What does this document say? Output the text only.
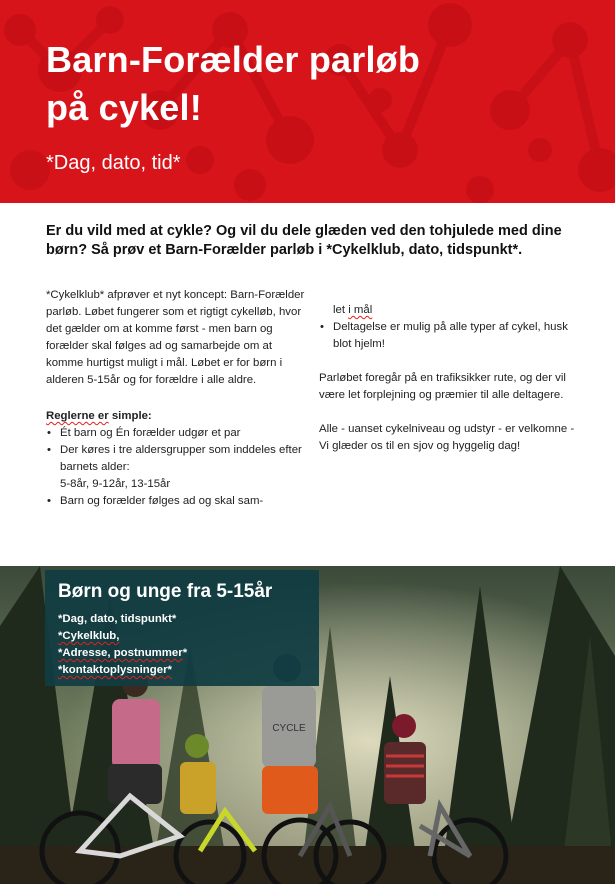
Barn-Forælder parløb
på cykel!

*Dag, dato, tid*

Er du vild med at cykle? Og vil du dele glæden ved den tohjulede med dine børn? Så prøv et Barn-Forælder parløb i *Cykelklub, dato, tidspunkt*.

*Cykelklub* afprøver et nyt koncept: Barn-Forælder parløb. Løbet fungerer som et rigtigt cykelløb, hvor det gælder om at komme først - men barn og forælder skal følges ad og samarbejde om at komme hurtigst muligt i mål. Løbet er for børn i alderen 5-15år og for forældre i alle aldre.

Reglerne er simple:

• Ét barn og Én forælder udgør et par
• Der køres i tre aldersgrupper som inddeles efter barnets alder:
5-8år, 9-12år, 13-15år
• Barn og forælder følges ad og skal sam-

let i mål

• Deltagelse er mulig på alle typer af cykel, husk blot hjelm!

Parløbet foregår på en trafiksikker rute, og der vil være let forplejning og præmier til alle deltagere.

Alle - uanset cykelniveau og udstyr - er velkomne - Vi glæder os til en sjov og hyggelig dag!

CYCLE
Børn og unge fra 5-15år
*Dag, dato, tidspunkt*
*Cykelklub,
*Adresse, postnummer*
*kontaktoplysninger*
